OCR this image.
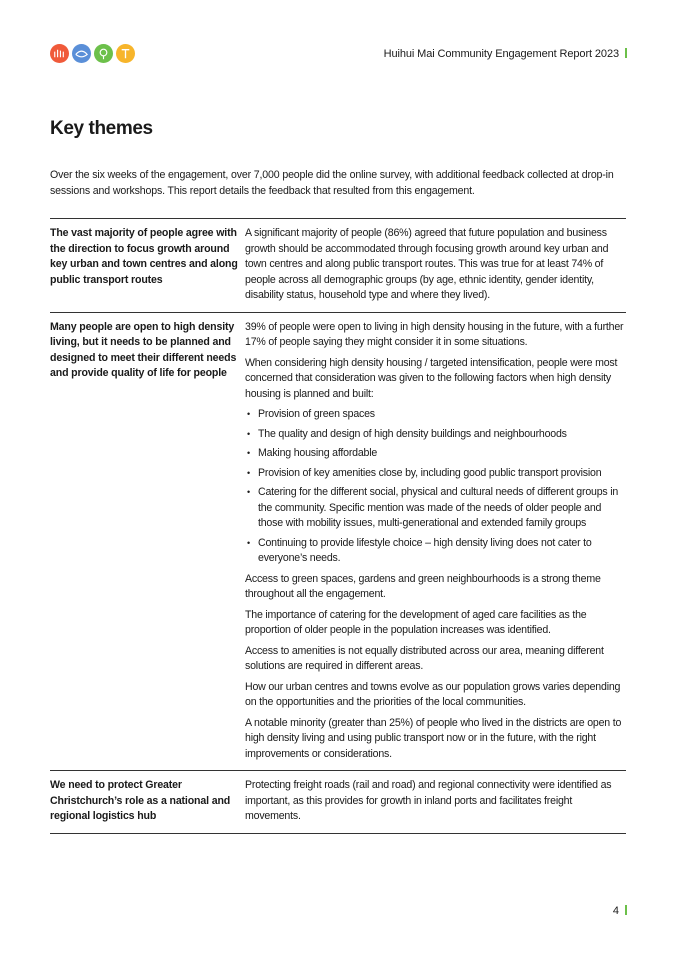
Huihui Mai Community Engagement Report 2023
Key themes

Over the six weeks of the engagement, over 7,000 people did the online survey, with additional feedback collected at drop-in sessions and workshops. This report details the feedback that resulted from this engagement.

The vast majority of people agree with the direction to focus growth around key urban and town centres and along public transport routes

A significant majority of people (86%) agreed that future population and business growth should be accommodated through focusing growth around key urban and town centres and along public transport routes. This was true for at least 74% of people across all demographic groups (by age, ethnic identity, gender identity, disability status, household type and where they lived).

Many people are open to high density living, but it needs to be planned and designed to meet their different needs and provide quality of life for people

39% of people were open to living in high density housing in the future, with a further 17% of people saying they might consider it in some situations.

When considering high density housing / targeted intensification, people were most concerned that consideration was given to the following factors when high density housing is planned and built:

• Provision of green spaces
• The quality and design of high density buildings and neighbourhoods
• Making housing affordable
• Provision of key amenities close by, including good public transport provision
• Catering for the different social, physical and cultural needs of different groups in the community. Specific mention was made of the needs of older people and those with mobility issues, multi-generational and extended family groups
• Continuing to provide lifestyle choice – high density living does not cater to everyone’s needs.

Access to green spaces, gardens and green neighbourhoods is a strong theme throughout all the engagement.

The importance of catering for the development of aged care facilities as the proportion of older people in the population increases was identified.

Access to amenities is not equally distributed across our area, meaning different solutions are required in different areas.

How our urban centres and towns evolve as our population grows varies depending on the opportunities and the priorities of the local communities.

A notable minority (greater than 25%) of people who lived in the districts are open to high density living and using public transport now or in the future, with the right improvements or considerations.

We need to protect Greater Christchurch’s role as a national and regional logistics hub

Protecting freight roads (rail and road) and regional connectivity were identified as important, as this provides for growth in inland ports and facilitates freight movements.

4
